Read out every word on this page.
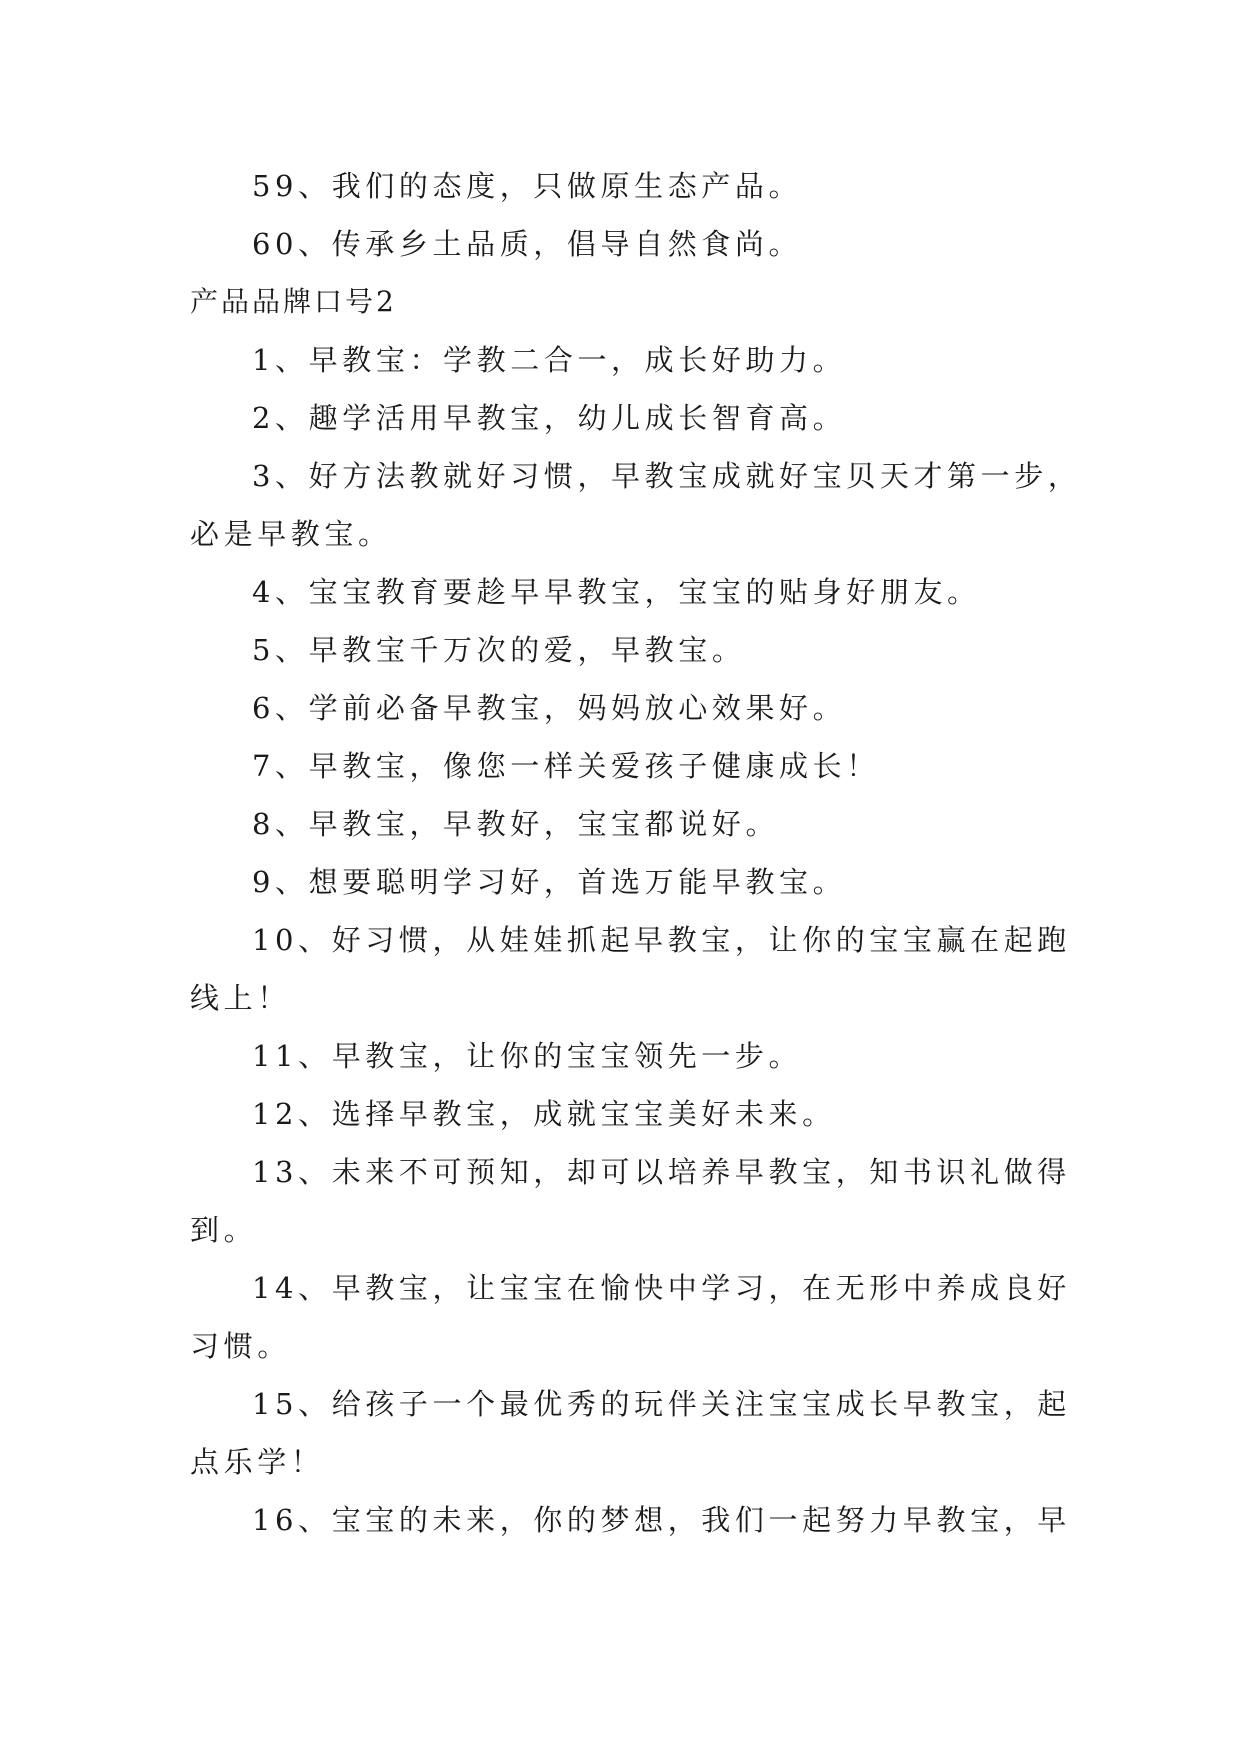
59、我们的态度，只做原生态产品。

60、传承乡土品质，倡导自然食尚。

产品品牌口号2

1、早教宝：学教二合一，成长好助力。

2、趣学活用早教宝，幼儿成长智育高。

3、好方法教就好习惯，早教宝成就好宝贝天才第一步，

必是早教宝。

4、宝宝教育要趁早早教宝，宝宝的贴身好朋友。

5、早教宝千万次的爱，早教宝。

6、学前必备早教宝，妈妈放心效果好。

7、早教宝，像您一样关爱孩子健康成长！

8、早教宝，早教好，宝宝都说好。

9、想要聪明学习好，首选万能早教宝。

10、好习惯，从娃娃抓起早教宝，让你的宝宝赢在起跑

线上！

11、早教宝，让你的宝宝领先一步。

12、选择早教宝，成就宝宝美好未来。

13、未来不可预知，却可以培养早教宝，知书识礼做得

到。

14、早教宝，让宝宝在愉快中学习，在无形中养成良好

习惯。

15、给孩子一个最优秀的玩伴关注宝宝成长早教宝，起

点乐学！

16、宝宝的未来，你的梦想，我们一起努力早教宝，早
